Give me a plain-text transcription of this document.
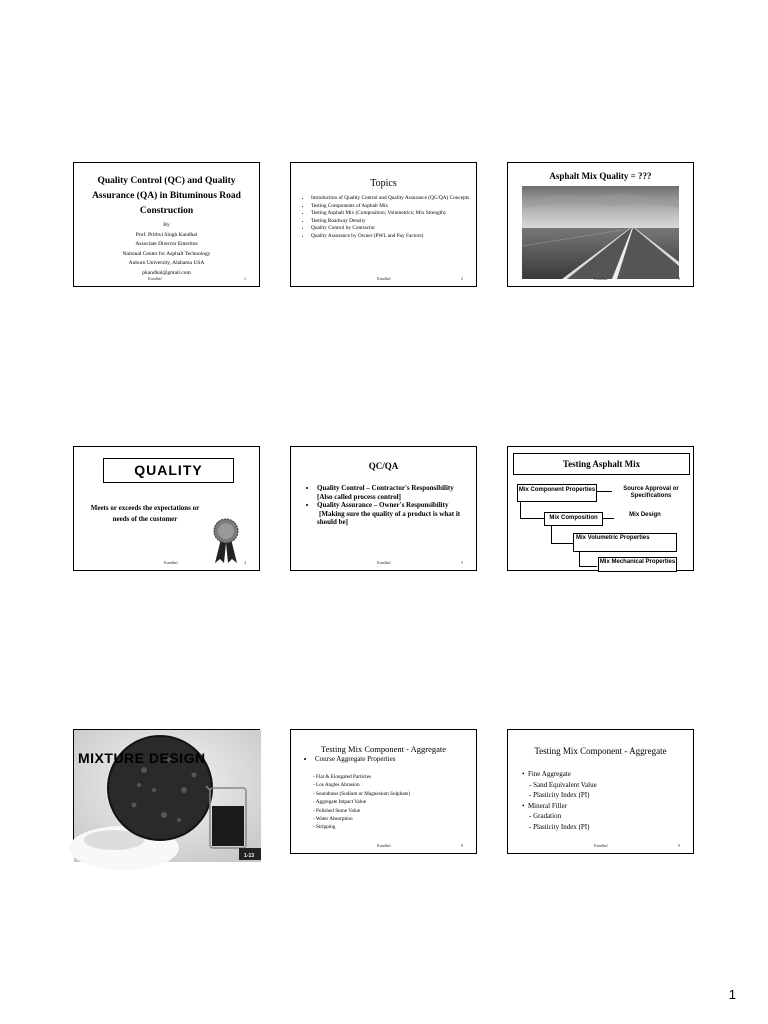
Quality Control (QC) and Quality Assurance (QA) in Bituminous Road Construction
By
Prof. Prithvi Singh Kandhal
Associate Director Emeritus
National Center for Asphalt Technology
Auburn University, Alabama USA
pkandhal@gmail.com
Kandhal	1
Topics
• Introduction of Quality Control and Quality Assurance (QC/QA) Concepts
• Testing Components of Asphalt Mix
• Testing Asphalt Mix (Composition; Volumetrics; Mix Strength)
• Testing Roadway Density
• Quality Control by Contractor
• Quality Assurance by Owner (PWL and Pay Factors)
Kandhal	2
Asphalt Mix Quality = ???
Kandhal	3
QUALITY
Meets or exceeds the expectations or needs of the customer
Kandhal	4
QC/QA
• Quality Control – Contractor's Responsibility
[Also called process control]
• Quality Assurance – Owner's Responsibility
[Making sure the quality of a product is what it should be]
Kandhal	5
Testing Asphalt Mix
Mix Component Properties
Mix Composition
Mix Volumetric Properties
Mix Mechanical Properties
Source Approval or Specifications
Mix Design
MIXTURE DESIGN
1-13
Testing Mix Component - Aggregate
• Course Aggregate Properties
- Flat & Elongated Particles
- Los Angles Abrasion
- Soundness (Sodium or Magnesium Sulphate)
- Aggregate Impact Value
- Polished Stone Value
- Water Absorption
- Stripping
Kandhal	8
Testing Mix Component - Aggregate
•  Fine Aggregate
- Sand Equivalent Value
- Plasticity Index (PI)
•  Mineral Filler
- Gradation
- Plasticity Index (PI)
Kandhal	9
1
